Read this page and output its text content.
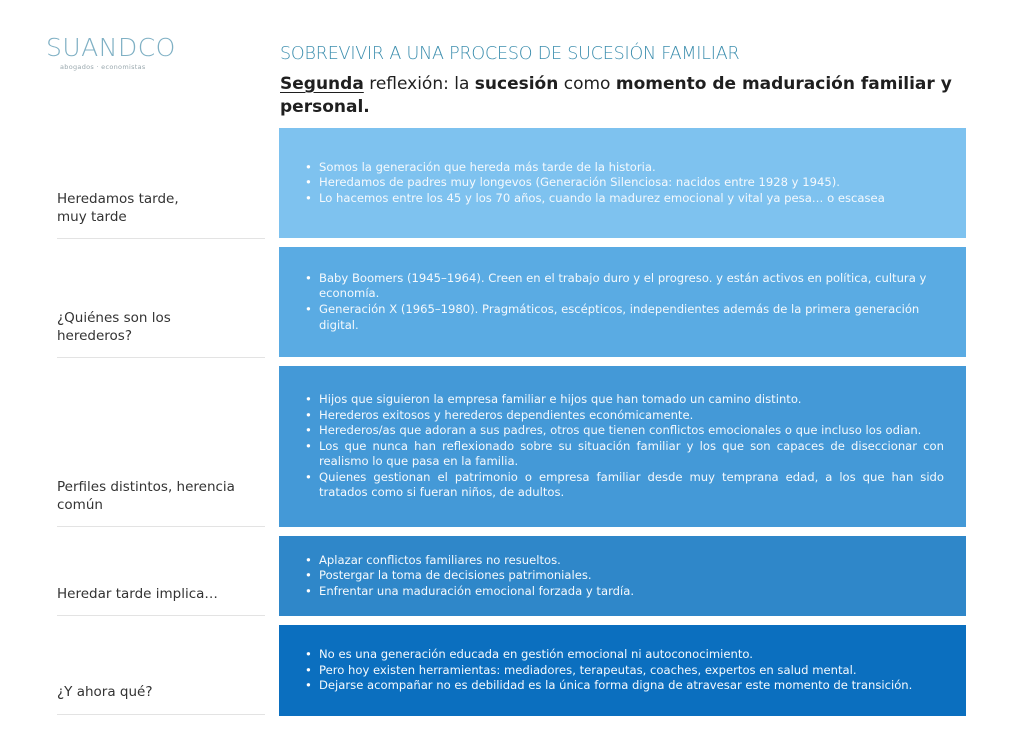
SUANDCO
abogados · economistas
SOBREVIVIR A UNA PROCESO DE SUCESIÓN FAMILIAR
Segunda reflexión: la sucesión como momento de maduración familiar y personal.
Heredamos tarde, muy tarde
• Somos la generación que hereda más tarde de la historia.
• Heredamos de padres muy longevos (Generación Silenciosa: nacidos entre 1928 y 1945).
• Lo hacemos entre los 45 y los 70 años, cuando la madurez emocional y vital ya pesa… o escasea
¿Quiénes son los herederos?
• Baby Boomers (1945–1964). Creen en el trabajo duro y el progreso. y están activos en política, cultura y economía.
• Generación X (1965–1980). Pragmáticos, escépticos, independientes además de la primera generación digital.
Perfiles distintos, herencia común
• Hijos que siguieron la empresa familiar e hijos que han tomado un camino distinto.
• Herederos exitosos y herederos dependientes económicamente.
• Herederos/as que adoran a sus padres, otros que tienen conflictos emocionales o que incluso los odian.
• Los que nunca han reflexionado sobre su situación familiar y los que son capaces de diseccionar con realismo lo que pasa en la familia.
• Quienes gestionan el patrimonio o empresa familiar desde muy temprana edad, a los que han sido tratados como si fueran niños, de adultos.
Heredar tarde implica…
• Aplazar conflictos familiares no resueltos.
• Postergar la toma de decisiones patrimoniales.
• Enfrentar una maduración emocional forzada y tardía.
¿Y ahora qué?
• No es una generación educada en gestión emocional ni autoconocimiento.
• Pero hoy existen herramientas: mediadores, terapeutas, coaches, expertos en salud mental.
• Dejarse acompañar no es debilidad es la única forma digna de atravesar este momento de transición.
